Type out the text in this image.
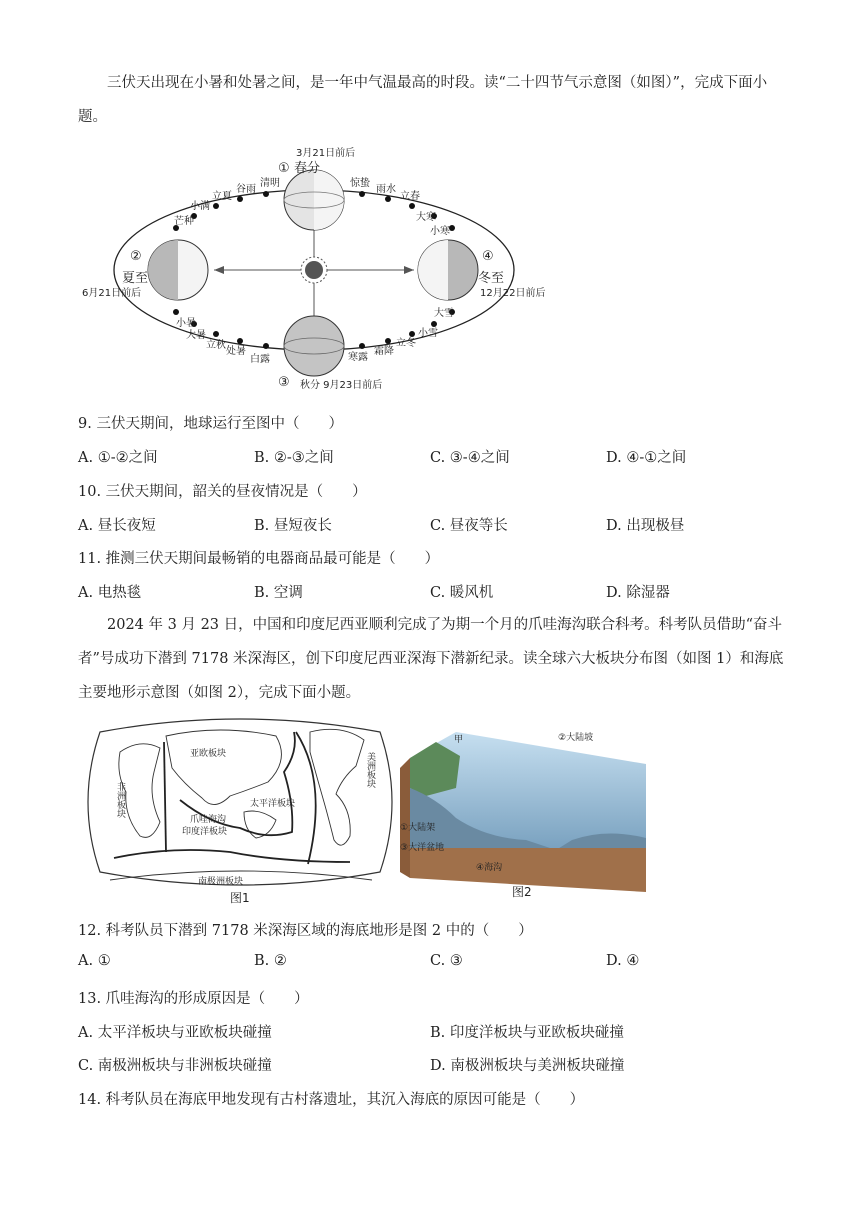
三伏天出现在小暑和处暑之间，是一年中气温最高的时段。读“二十四节气示意图（如图）”，完成下面小题。

① 春分
3月21日前后
②
夏至
6月21日前后
③ 秋分 9月23日前后
④
冬至
12月22日前后
惊蛰
雨水
立春
大寒
小寒
清明
谷雨
立夏
小满
芒种
小暑
大暑
立秋
处暑
白露	寒露
霜降
立冬
小雪
大雪

9. 三伏天期间，地球运行至图中（　　）

A. ①-②之间	B. ②-③之间	C. ③-④之间	D. ④-①之间

10. 三伏天期间，韶关的昼夜情况是（　　）

A. 昼长夜短	B. 昼短夜长	C. 昼夜等长	D. 出现极昼

11. 推测三伏天期间最畅销的电器商品最可能是（　　）

A. 电热毯	B. 空调	C. 暖风机	D. 除湿器

2024 年 3 月 23 日，中国和印度尼西亚顺利完成了为期一个月的爪哇海沟联合科考。科考队员借助“奋斗者”号成功下潜到 7178 米深海区，创下印度尼西亚深海下潜新纪录。读全球六大板块分布图（如图 1）和海底主要地形示意图（如图 2），完成下面小题。

亚欧板块
太平洋板块
爪哇海沟
印度洋板块
南极洲板块
非洲板块
美洲板块
图1
甲	②大陆坡
①大陆架
③大洋盆地
④海沟
图2

12. 科考队员下潜到 7178 米深海区域的海底地形是图 2 中的（　　）

A. ①	B. ②	C. ③	D. ④

13. 爪哇海沟的形成原因是（　　）

A. 太平洋板块与亚欧板块碰撞	B. 印度洋板块与亚欧板块碰撞

C. 南极洲板块与非洲板块碰撞	D. 南极洲板块与美洲板块碰撞

14. 科考队员在海底甲地发现有古村落遗址，其沉入海底的原因可能是（　　）
